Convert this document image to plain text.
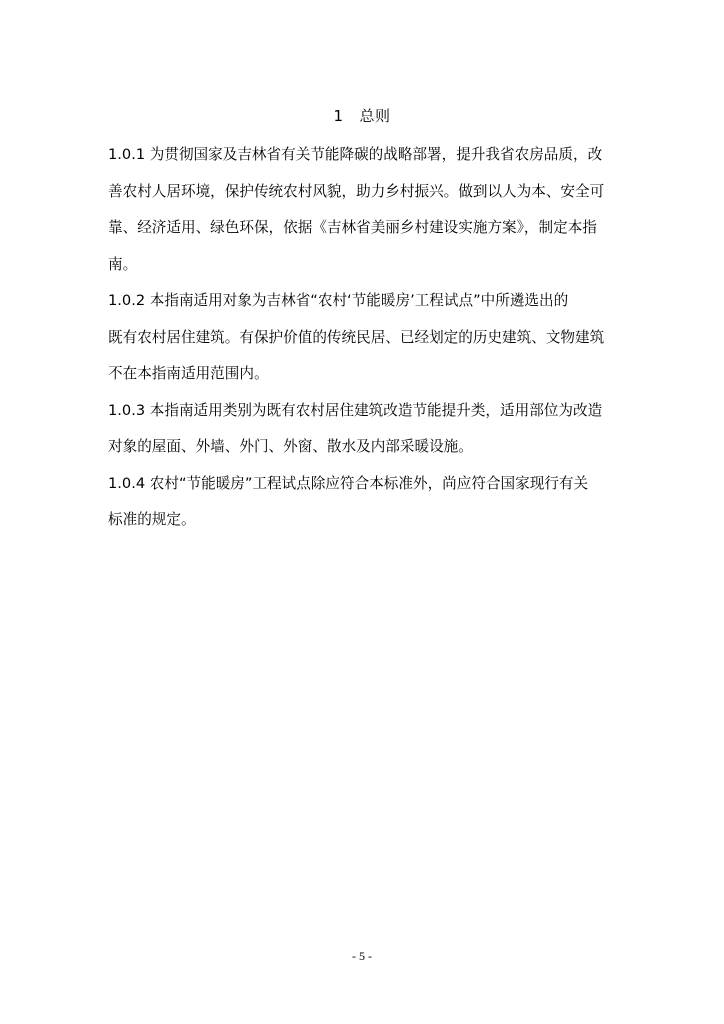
1 总则
1.0.1 为贯彻国家及吉林省有关节能降碳的战略部署，提升我省农房品质，改
善农村人居环境，保护传统农村风貌，助力乡村振兴。做到以人为本、安全可
靠、经济适用、绿色环保，依据《吉林省美丽乡村建设实施方案》，制定本指
南。
1.0.2 本指南适用对象为吉林省“农村‘节能暖房’工程试点”中所遴选出的
既有农村居住建筑。有保护价值的传统民居、已经划定的历史建筑、文物建筑
不在本指南适用范围内。
1.0.3 本指南适用类别为既有农村居住建筑改造节能提升类，适用部位为改造
对象的屋面、外墙、外门、外窗、散水及内部采暖设施。
1.0.4 农村“节能暖房”工程试点除应符合本标准外，尚应符合国家现行有关
标准的规定。
- 5 -
